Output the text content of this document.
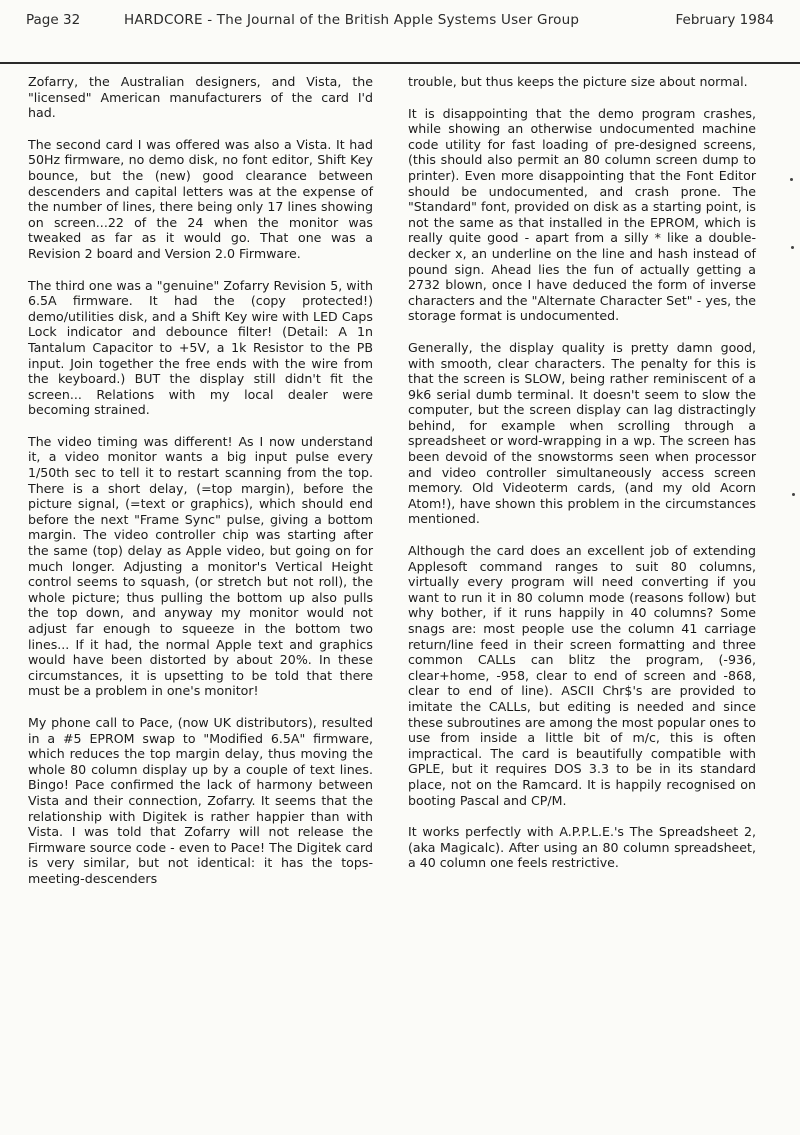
Page 32	HARDCORE - The Journal of the British Apple Systems User Group	February 1984

Zofarry, the Australian designers, and Vista, the "licensed" American manufacturers of the card I'd had.

The second card I was offered was also a Vista. It had 50Hz firmware, no demo disk, no font editor, Shift Key bounce, but the (new) good clearance between descenders and capital letters was at the expense of the number of lines, there being only 17 lines showing on screen...22 of the 24 when the monitor was tweaked as far as it would go. That one was a Revision 2 board and Version 2.0 Firmware.

The third one was a "genuine" Zofarry Revision 5, with 6.5A firmware. It had the (copy protected!) demo/utilities disk, and a Shift Key wire with LED Caps Lock indicator and debounce filter! (Detail: A 1n Tantalum Capacitor to +5V, a 1k Resistor to the PB input. Join together the free ends with the wire from the keyboard.) BUT the display still didn't fit the screen... Relations with my local dealer were becoming strained.

The video timing was different! As I now understand it, a video monitor wants a big input pulse every 1/50th sec to tell it to restart scanning from the top. There is a short delay, (=top margin), before the picture signal, (=text or graphics), which should end before the next "Frame Sync" pulse, giving a bottom margin. The video controller chip was starting after the same (top) delay as Apple video, but going on for much longer. Adjusting a monitor's Vertical Height control seems to squash, (or stretch but not roll), the whole picture; thus pulling the bottom up also pulls the top down, and anyway my monitor would not adjust far enough to squeeze in the bottom two lines... If it had, the normal Apple text and graphics would have been distorted by about 20%. In these circumstances, it is upsetting to be told that there must be a problem in one's monitor!

My phone call to Pace, (now UK distributors), resulted in a #5 EPROM swap to "Modified 6.5A" firmware, which reduces the top margin delay, thus moving the whole 80 column display up by a couple of text lines. Bingo! Pace confirmed the lack of harmony between Vista and their connection, Zofarry. It seems that the relationship with Digitek is rather happier than with Vista. I was told that Zofarry will not release the Firmware source code - even to Pace! The Digitek card is very similar, but not identical: it has the tops-meeting-descenders

trouble, but thus keeps the picture size about normal.

It is disappointing that the demo program crashes, while showing an otherwise undocumented machine code utility for fast loading of pre-designed screens, (this should also permit an 80 column screen dump to printer). Even more disappointing that the Font Editor should be undocumented, and crash prone. The "Standard" font, provided on disk as a starting point, is not the same as that installed in the EPROM, which is really quite good - apart from a silly * like a double-decker x, an underline on the line and hash instead of pound sign. Ahead lies the fun of actually getting a 2732 blown, once I have deduced the form of inverse characters and the "Alternate Character Set" - yes, the storage format is undocumented.

Generally, the display quality is pretty damn good, with smooth, clear characters. The penalty for this is that the screen is SLOW, being rather reminiscent of a 9k6 serial dumb terminal. It doesn't seem to slow the computer, but the screen display can lag distractingly behind, for example when scrolling through a spreadsheet or word-wrapping in a wp. The screen has been devoid of the snowstorms seen when processor and video controller simultaneously access screen memory. Old Videoterm cards, (and my old Acorn Atom!), have shown this problem in the circumstances mentioned.

Although the card does an excellent job of extending Applesoft command ranges to suit 80 columns, virtually every program will need converting if you want to run it in 80 column mode (reasons follow) but why bother, if it runs happily in 40 columns? Some snags are: most people use the column 41 carriage return/line feed in their screen formatting and three common CALLs can blitz the program, (-936, clear+home, -958, clear to end of screen and -868, clear to end of line). ASCII Chr$'s are provided to imitate the CALLs, but editing is needed and since these subroutines are among the most popular ones to use from inside a little bit of m/c, this is often impractical. The card is beautifully compatible with GPLE, but it requires DOS 3.3 to be in its standard place, not on the Ramcard. It is happily recognised on booting Pascal and CP/M.

It works perfectly with A.P.P.L.E.'s The Spreadsheet 2, (aka Magicalc). After using an 80 column spreadsheet, a 40 column one feels restrictive.
